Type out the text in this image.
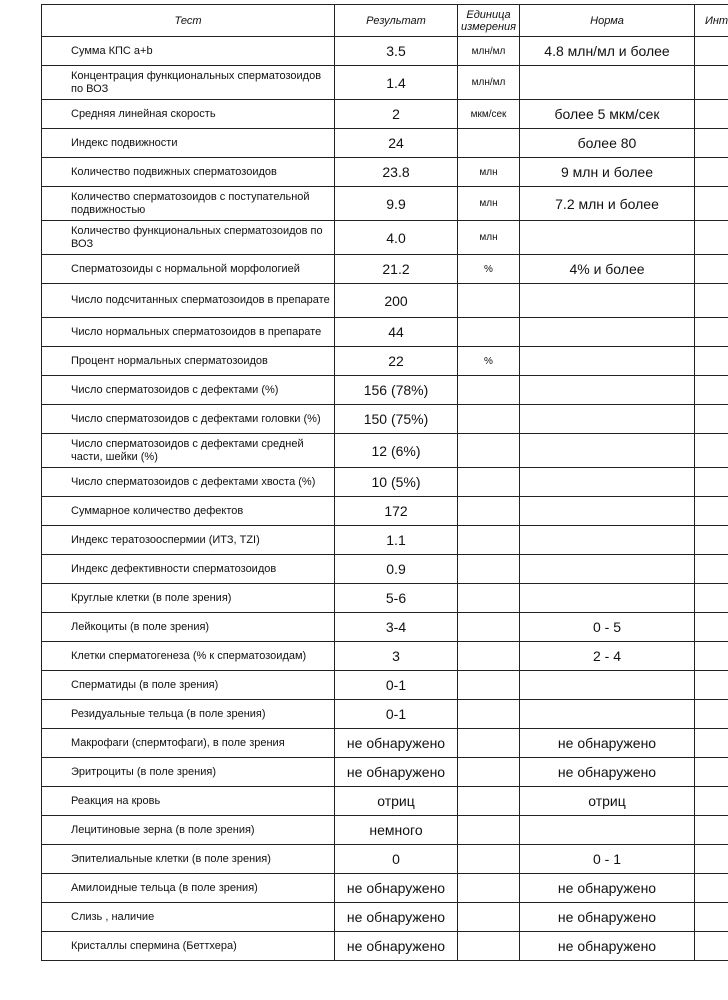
Тест	Результат	Единица измерения	Норма	Инт
Сумма КПС a+b	3.5	млн/мл	4.8 млн/мл и более	
Концентрация функциональных сперматозоидов по ВОЗ	1.4	млн/мл		
Средняя линейная скорость	2	мкм/сек	более 5 мкм/сек	
Индекс подвижности	24		более 80	
Количество подвижных сперматозоидов	23.8	млн	9 млн и более	
Количество сперматозоидов с поступательной подвижностью	9.9	млн	7.2 млн и более	
Количество функциональных сперматозоидов по ВОЗ	4.0	млн		
Сперматозоиды с нормальной морфологией	21.2	%	4% и более	
Число подсчитанных сперматозоидов в препарате	200			
Число нормальных сперматозоидов в препарате	44			
Процент нормальных сперматозоидов	22	%		
Число сперматозоидов с дефектами (%)	156 (78%)			
Число сперматозоидов с дефектами головки (%)	150 (75%)			
Число сперматозоидов с дефектами средней части, шейки (%)	12 (6%)			
Число сперматозоидов с дефектами хвоста (%)	10 (5%)			
Суммарное количество дефектов	172			
Индекс тератозооспермии (ИТЗ, TZI)	1.1			
Индекс дефективности сперматозоидов	0.9			
Круглые клетки (в поле зрения)	5-6			
Лейкоциты (в поле зрения)	3-4		0 - 5	
Клетки сперматогенеза (% к сперматозоидам)	3		2 - 4	
Сперматиды (в поле зрения)	0-1			
Резидуальные тельца (в поле зрения)	0-1			
Макрофаги (спермтофаги), в поле зрения	не обнаружено		не обнаружено	
Эритроциты (в поле зрения)	не обнаружено		не обнаружено	
Реакция на кровь	отриц		отриц	
Лецитиновые зерна (в поле зрения)	немного			
Эпителиальные клетки (в поле зрения)	0		0 - 1	
Амилоидные тельца (в поле зрения)	не обнаружено		не обнаружено	
Слизь , наличие	не обнаружено		не обнаружено	
Кристаллы спермина (Беттхера)	не обнаружено		не обнаружено	
